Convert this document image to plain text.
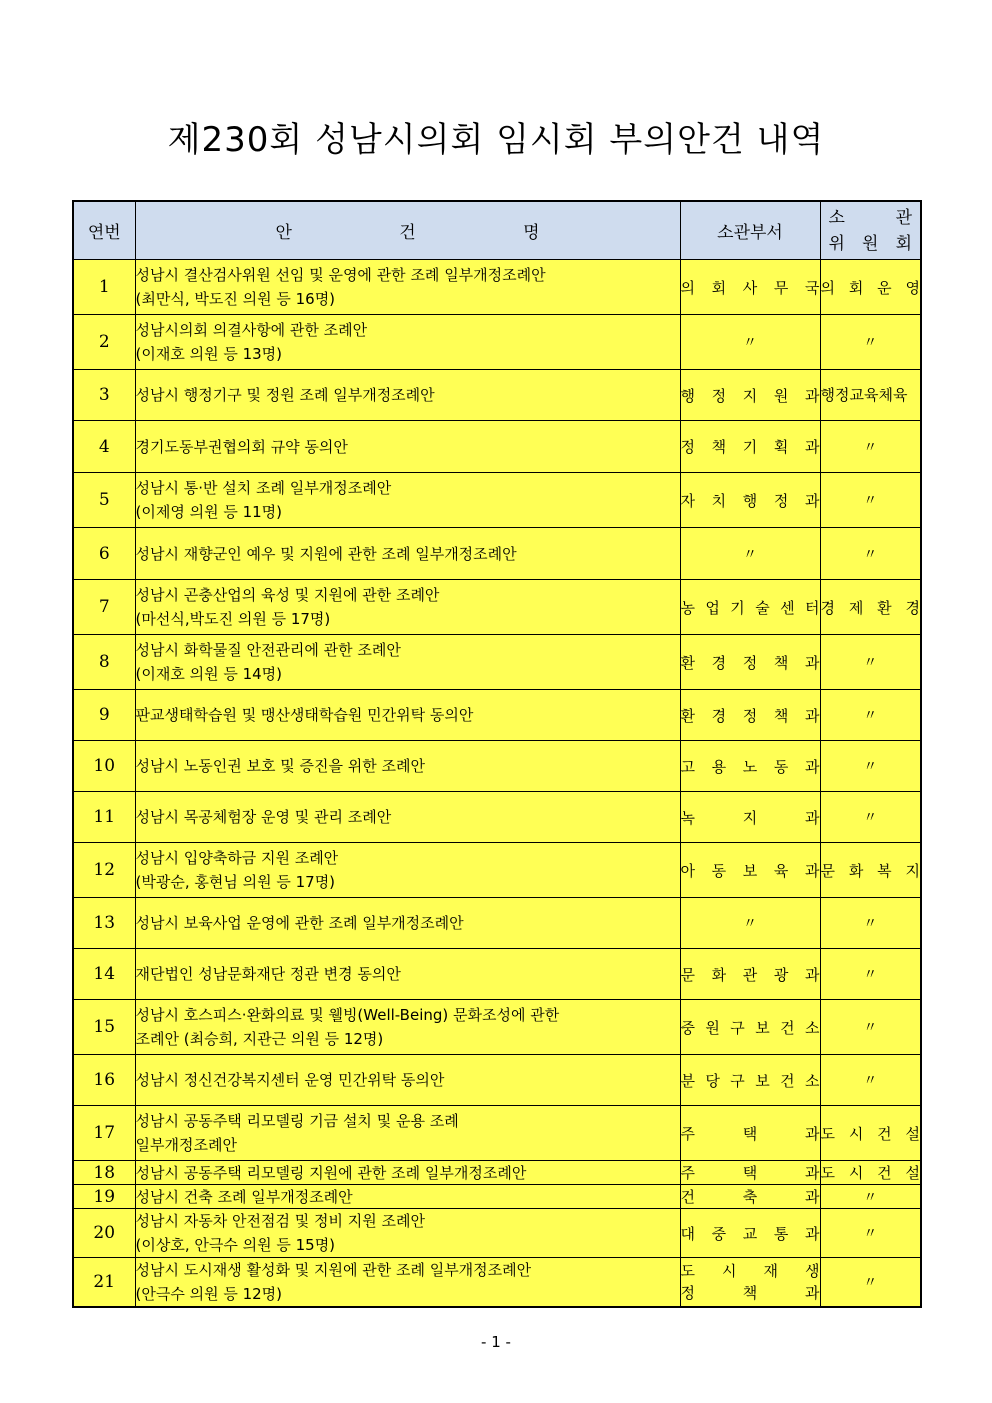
제230회 성남시의회 임시회 부의안건 내역
연번	안 건 명	소관부서	소 관
위 원 회

1	성남시 결산검사위원 선임 및 운영에 관한 조례 일부개정조례안
(최만식, 박도진 의원 등 16명)	의 회 사 무 국	의 회 운 영
2	성남시의회 의결사항에 관한 조례안
(이재호 의원 등 13명)	〃	〃
3	성남시 행정기구 및 정원 조례 일부개정조례안	행 정 지 원 과	행정교육체육
4	경기도동부권협의회 규약 동의안	정 책 기 획 과	〃
5	성남시 통·반 설치 조례 일부개정조례안
(이제영 의원 등 11명)	자 치 행 정 과	〃
6	성남시 재향군인 예우 및 지원에 관한 조례 일부개정조례안	〃	〃
7	성남시 곤충산업의 육성 및 지원에 관한 조례안
(마선식,박도진 의원 등 17명)	농 업 기 술 센 터	경 제 환 경
8	성남시 화학물질 안전관리에 관한 조례안
(이재호 의원 등 14명)	환 경 정 책 과	〃
9	판교생태학습원 및 맹산생태학습원 민간위탁 동의안	환 경 정 책 과	〃
10	성남시 노동인권 보호 및 증진을 위한 조례안	고 용 노 동 과	〃
11	성남시 목공체험장 운영 및 관리 조례안	녹 지 과	〃
12	성남시 입양축하금 지원 조례안
(박광순, 홍현님 의원 등 17명)	아 동 보 육 과	문 화 복 지
13	성남시 보육사업 운영에 관한 조례 일부개정조례안	〃	〃
14	재단법인 성남문화재단 정관 변경 동의안	문 화 관 광 과	〃
15	성남시 호스피스·완화의료 및 웰빙(Well-Being) 문화조성에 관한
조례안 (최승희, 지관근 의원 등 12명)	중 원 구 보 건 소	〃
16	성남시 정신건강복지센터 운영 민간위탁 동의안	분 당 구 보 건 소	〃
17	성남시 공동주택 리모델링 기금 설치 및 운용 조례
일부개정조례안	주 택 과	도 시 건 설
18	성남시 공동주택 리모델링 지원에 관한 조례 일부개정조례안	주 택 과	도 시 건 설
19	성남시 건축 조례 일부개정조례안	건 축 과	〃
20	성남시 자동차 안전점검 및 정비 지원 조례안
(이상호, 안극수 의원 등 15명)	대 중 교 통 과	〃
21	성남시 도시재생 활성화 및 지원에 관한 조례 일부개정조례안
(안극수 의원 등 12명)	도 시 재 생
정 책 과	〃
- 1 -
